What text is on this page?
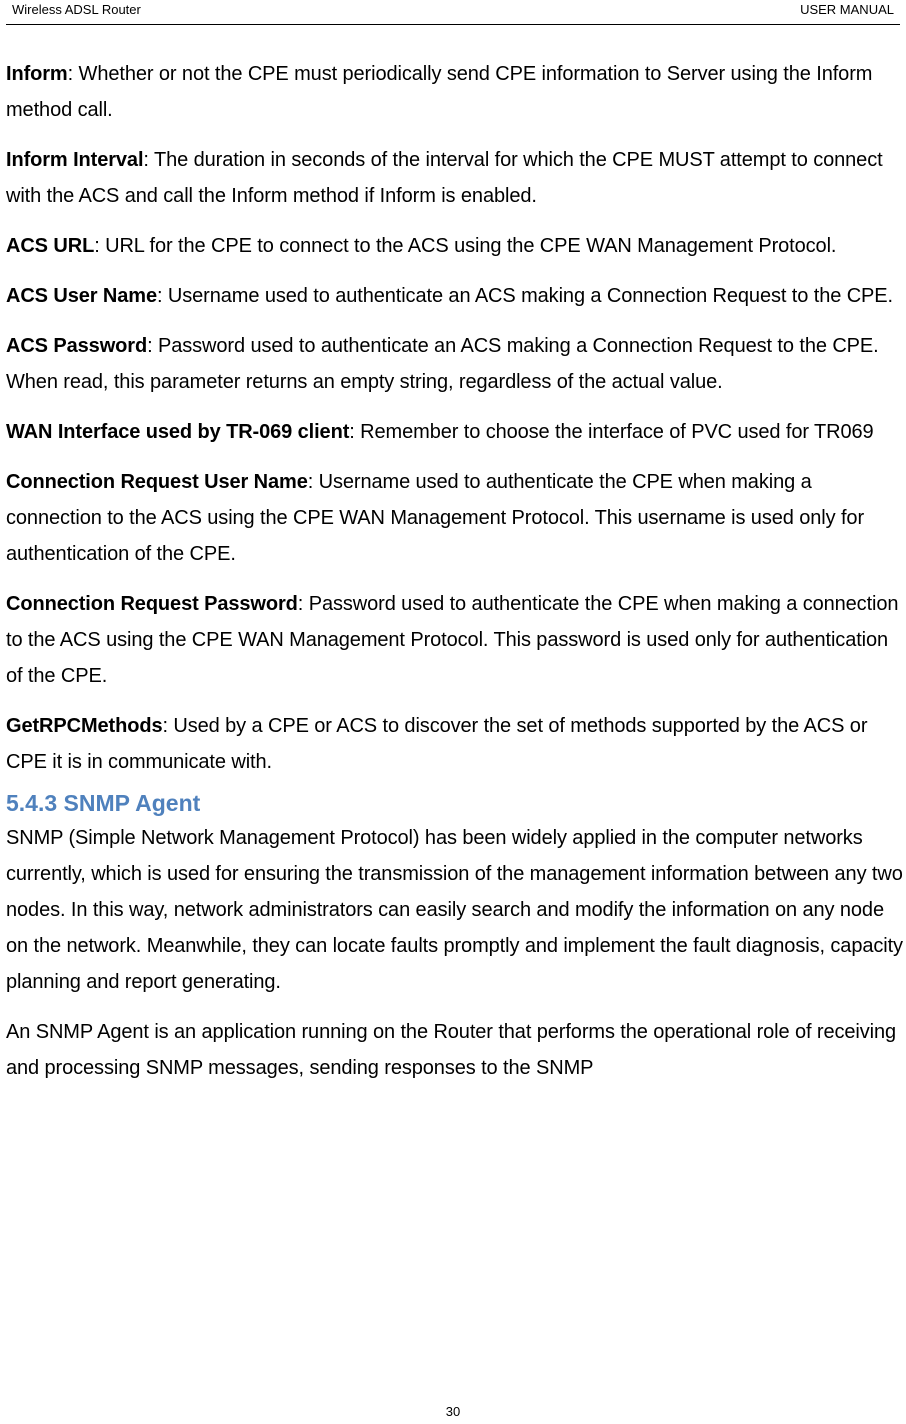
Wireless ADSL Router	USER MANUAL

Inform: Whether or not the CPE must periodically send CPE information to Server using the Inform method call.

Inform Interval: The duration in seconds of the interval for which the CPE MUST attempt to connect with the ACS and call the Inform method if Inform is enabled.

ACS URL: URL for the CPE to connect to the ACS using the CPE WAN Management Protocol.

ACS User Name: Username used to authenticate an ACS making a Connection Request to the CPE.

ACS Password: Password used to authenticate an ACS making a Connection Request to the CPE. When read, this parameter returns an empty string, regardless of the actual value.

WAN Interface used by TR-069 client: Remember to choose the interface of PVC used for TR069

Connection Request User Name: Username used to authenticate the CPE when making a connection to the ACS using the CPE WAN Management Protocol. This username is used only for authentication of the CPE.

Connection Request Password: Password used to authenticate the CPE when making a connection to the ACS using the CPE WAN Management Protocol. This password is used only for authentication of the CPE.

GetRPCMethods: Used by a CPE or ACS to discover the set of methods supported by the ACS or CPE it is in communicate with.

5.4.3 SNMP Agent

SNMP (Simple Network Management Protocol) has been widely applied in the computer networks currently, which is used for ensuring the transmission of the management information between any two nodes. In this way, network administrators can easily search and modify the information on any node on the network. Meanwhile, they can locate faults promptly and implement the fault diagnosis, capacity planning and report generating.

An SNMP Agent is an application running on the Router that performs the operational role of receiving and processing SNMP messages, sending responses to the SNMP

30
